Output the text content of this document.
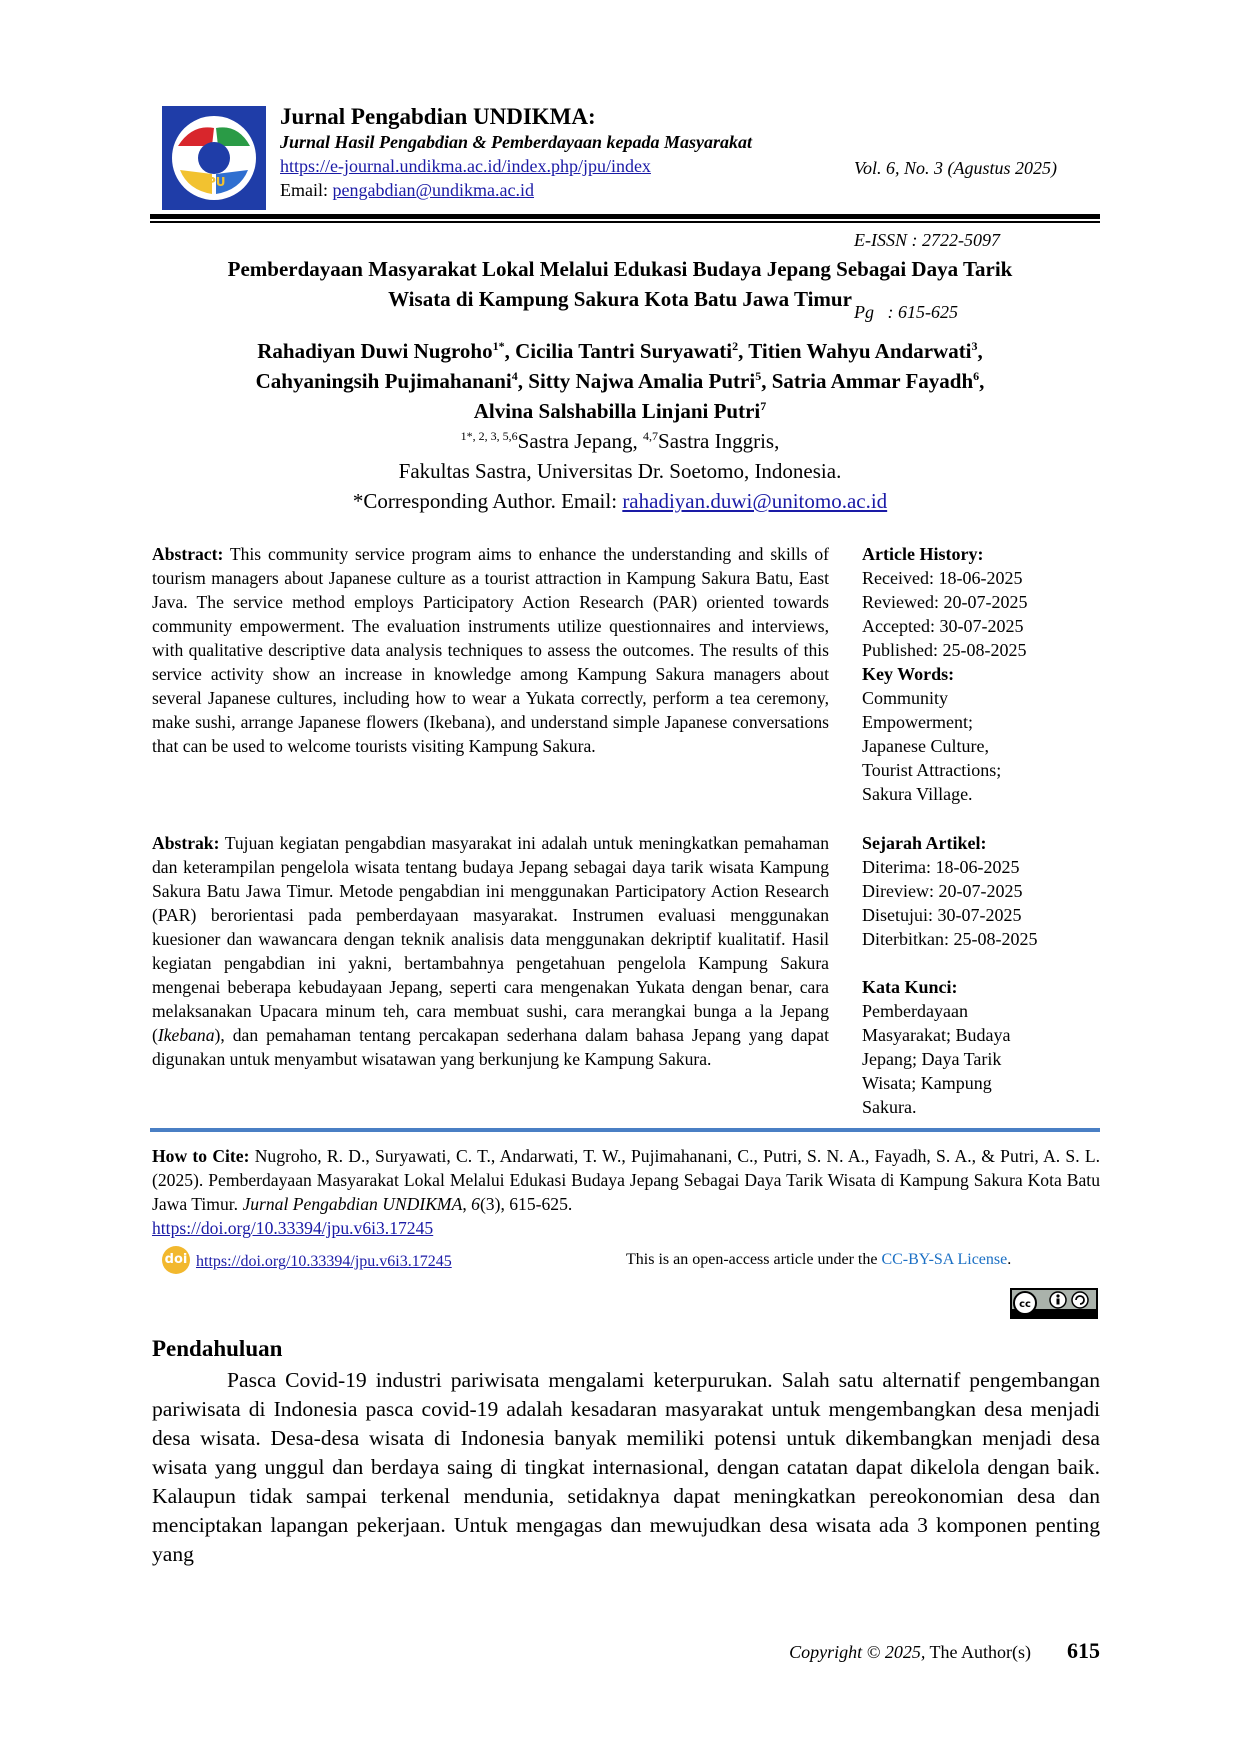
JPU
Jurnal Pengabdian UNDIKMA:
Jurnal Hasil Pengabdian & Pemberdayaan kepada Masyarakat
https://e-journal.undikma.ac.id/index.php/jpu/index
Email: pengabdian@undikma.ac.id

Vol. 6, No. 3 (Agustus 2025)

E-ISSN : 2722-5097

Pg   : 615-625

Pemberdayaan Masyarakat Lokal Melalui Edukasi Budaya Jepang Sebagai Daya Tarik
Wisata di Kampung Sakura Kota Batu Jawa Timur
Rahadiyan Duwi Nugroho$^{1*}$, Cicilia Tantri Suryawati$^2$, Titien Wahyu Andarwati$^3$,
Cahyaningsih Pujimahanani$^4$, Sitty Najwa Amalia Putri$^5$, Satria Ammar Fayadh$^6$,
Alvina Salshabilla Linjani Putri$^7$
$^{1*, 2, 3, 5,6}$Sastra Jepang, $^{4,7}$Sastra Inggris,
Fakultas Sastra, Universitas Dr. Soetomo, Indonesia.
*Corresponding Author. Email: rahadiyan.duwi@unitomo.ac.id
Abstract: This community service program aims to enhance the understanding and skills of tourism managers about Japanese culture as a tourist attraction in Kampung Sakura Batu, East Java. The service method employs Participatory Action Research (PAR) oriented towards community empowerment. The evaluation instruments utilize questionnaires and interviews, with qualitative descriptive data analysis techniques to assess the outcomes. The results of this service activity show an increase in knowledge among Kampung Sakura managers about several Japanese cultures, including how to wear a Yukata correctly, perform a tea ceremony, make sushi, arrange Japanese flowers (Ikebana), and understand simple Japanese conversations that can be used to welcome tourists visiting Kampung Sakura.
Article History:
Received: 18-06-2025
Reviewed: 20-07-2025
Accepted: 30-07-2025
Published: 25-08-2025
Key Words:
Community
Empowerment;
Japanese Culture,
Tourist Attractions;
Sakura Village.
Abstrak: Tujuan kegiatan pengabdian masyarakat ini adalah untuk meningkatkan pemahaman dan keterampilan pengelola wisata tentang budaya Jepang sebagai daya tarik wisata Kampung Sakura Batu Jawa Timur. Metode pengabdian ini menggunakan Participatory Action Research (PAR) berorientasi pada pemberdayaan masyarakat. Instrumen evaluasi menggunakan kuesioner dan wawancara dengan teknik analisis data menggunakan dekriptif kualitatif. Hasil kegiatan pengabdian ini yakni, bertambahnya pengetahuan pengelola Kampung Sakura mengenai beberapa kebudayaan Jepang, seperti cara mengenakan Yukata dengan benar, cara melaksanakan Upacara minum teh, cara membuat sushi, cara merangkai bunga a la Jepang (Ikebana), dan pemahaman tentang percakapan sederhana dalam bahasa Jepang yang dapat digunakan untuk menyambut wisatawan yang berkunjung ke Kampung Sakura.
Sejarah Artikel:
Diterima: 18-06-2025
Direview: 20-07-2025
Disetujui: 30-07-2025
Diterbitkan: 25-08-2025
Kata Kunci:
Pemberdayaan
Masyarakat; Budaya
Jepang; Daya Tarik
Wisata; Kampung
Sakura.
How to Cite: Nugroho, R. D., Suryawati, C. T., Andarwati, T. W., Pujimahanani, C., Putri, S. N. A., Fayadh, S. A., & Putri, A. S. L. (2025). Pemberdayaan Masyarakat Lokal Melalui Edukasi Budaya Jepang Sebagai Daya Tarik Wisata di Kampung Sakura Kota Batu Jawa Timur. Jurnal Pengabdian UNDIKMA, 6(3), 615-625.
https://doi.org/10.33394/jpu.v6i3.17245
doi https://doi.org/10.33394/jpu.v6i3.17245	This is an open-access article under the CC-BY-SA License.
cc
Pendahuluan
Pasca Covid-19 industri pariwisata mengalami keterpurukan. Salah satu alternatif pengembangan pariwisata di Indonesia pasca covid-19 adalah kesadaran masyarakat untuk mengembangkan desa menjadi desa wisata. Desa-desa wisata di Indonesia banyak memiliki potensi untuk dikembangkan menjadi desa wisata yang unggul dan berdaya saing di tingkat internasional, dengan catatan dapat dikelola dengan baik. Kalaupun tidak sampai terkenal mendunia, setidaknya dapat meningkatkan pereokonomian desa dan menciptakan lapangan pekerjaan. Untuk mengagas dan mewujudkan desa wisata ada 3 komponen penting yang
Copyright © 2025, The Author(s) 615
